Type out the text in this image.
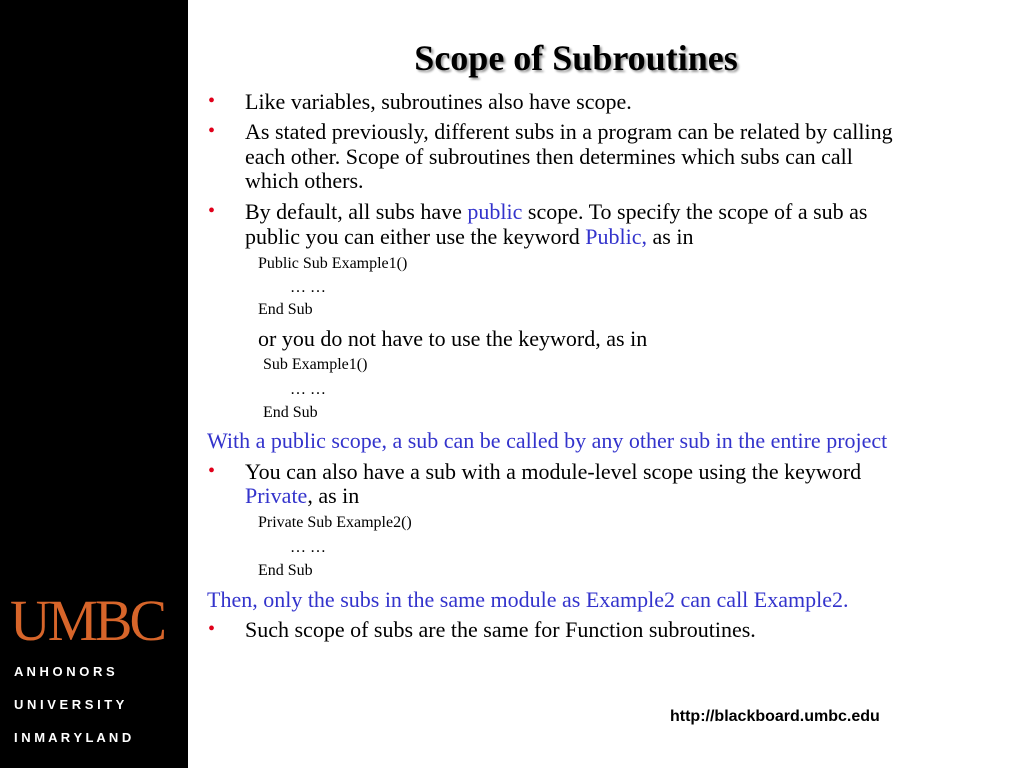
UMBC
A N H O N O R S
U N I V E R S I T Y
I N M A R Y L A N D
Scope of Subroutines
• Like variables, subroutines also have scope.
• As stated previously, different subs in a program can be related by calling
each other. Scope of subroutines then determines which subs can call
which others.
• By default, all subs have public scope. To specify the scope of a sub as
public you can either use the keyword Public, as in
Public Sub Example1()
… …
End Sub
or you do not have to use the keyword, as in
Sub Example1()
… …
End Sub
With a public scope, a sub can be called by any other sub in the entire project
• You can also have a sub with a module-level scope using the keyword
Private, as in
Private Sub Example2()
… …
End Sub
Then, only the subs in the same module as Example2 can call Example2.
• Such scope of subs are the same for Function subroutines.
http://blackboard.umbc.edu
